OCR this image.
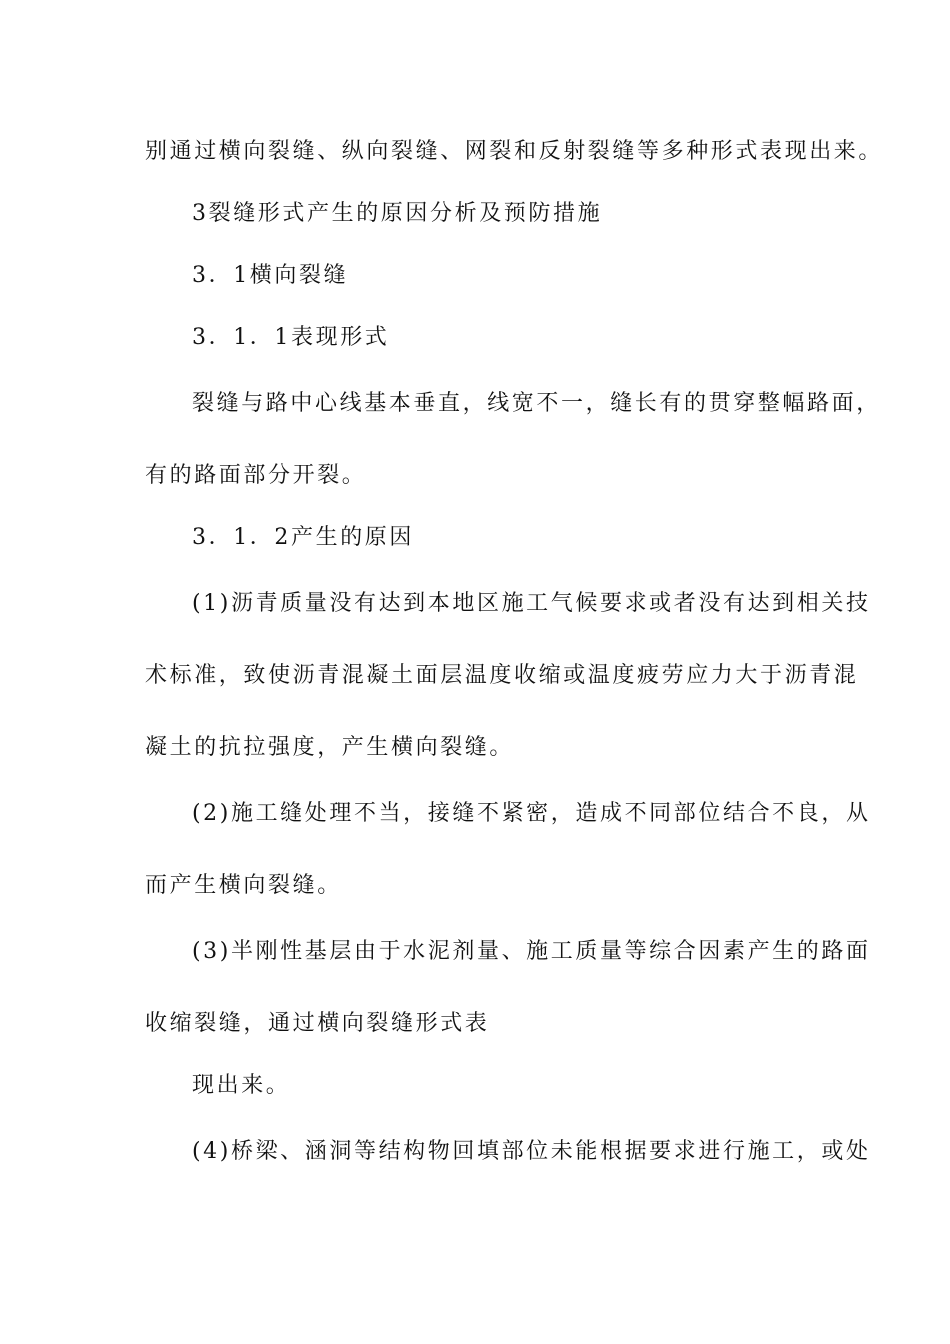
别通过横向裂缝、纵向裂缝、网裂和反射裂缝等多种形式表现出来。
3裂缝形式产生的原因分析及预防措施
3．1横向裂缝
3．1．1表现形式
裂缝与路中心线基本垂直，线宽不一，缝长有的贯穿整幅路面，
有的路面部分开裂。
3．1．2产生的原因
(1)沥青质量没有达到本地区施工气候要求或者没有达到相关技
术标准，致使沥青混凝土面层温度收缩或温度疲劳应力大于沥青混
凝土的抗拉强度，产生横向裂缝。
(2)施工缝处理不当，接缝不紧密，造成不同部位结合不良，从
而产生横向裂缝。
(3)半刚性基层由于水泥剂量、施工质量等综合因素产生的路面
收缩裂缝，通过横向裂缝形式表
现出来。
(4)桥梁、涵洞等结构物回填部位未能根据要求进行施工，或处
